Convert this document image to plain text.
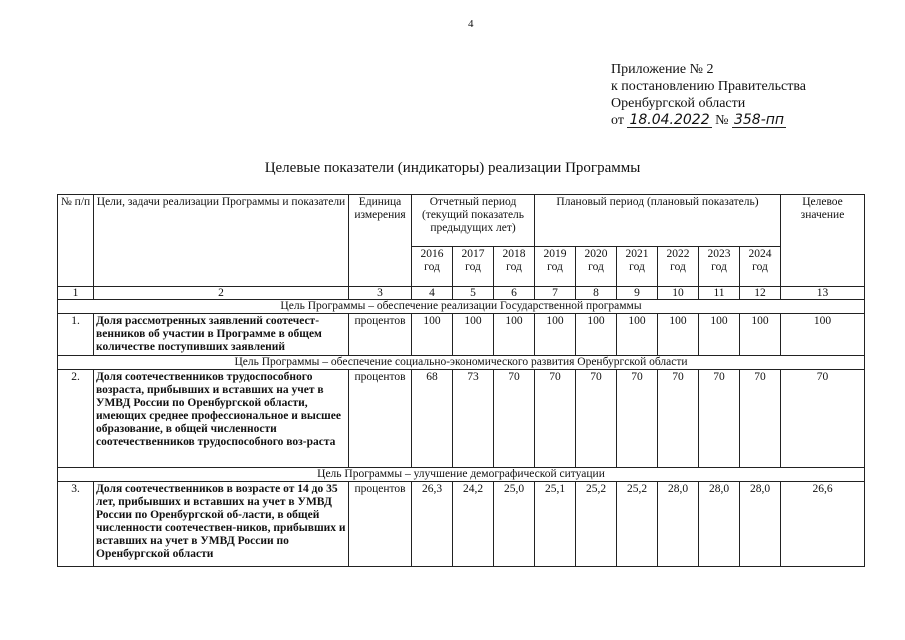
4
Приложение № 2
к постановлению Правительства
Оренбургской области
от 18.04.2022 № 358-пп
Целевые показатели (индикаторы) реализации Программы
№ п/п	Цели, задачи реализации Программы и показатели	Единица измерения	Отчетный период (текущий показатель предыдущих лет)			Плановый период (плановый показатель)						Целевое значение
			2016 год	2017 год	2018 год	2019 год	2020 год	2021 год	2022 год	2023 год	2024 год	
1	2	3	4	5	6	7	8	9	10	11	12	13
Цель Программы – обеспечение реализации Государственной программы												
1.	Доля рассмотренных заявлений соотечест-венников об участии в Программе в общем количестве поступивших заявлений	процентов	100	100	100	100	100	100	100	100	100	100
Цель Программы – обеспечение социально-экономического развития Оренбургской области												
2.	Доля соотечественников трудоспособного возраста, прибывших и вставших на учет в УМВД России по Оренбургской области, имеющих среднее профессиональное и высшее образование, в общей численности соотечественников трудоспособного воз-раста	процентов	68	73	70	70	70	70	70	70	70	70
Цель Программы – улучшение демографической ситуации												
3.	Доля соотечественников в возрасте от 14 до 35 лет, прибывших и вставших на учет в УМВД России по Оренбургской об-ласти, в общей численности соотечествен-ников, прибывших и вставших на учет в УМВД России по Оренбургской области	процентов	26,3	24,2	25,0	25,1	25,2	25,2	28,0	28,0	28,0	26,6
